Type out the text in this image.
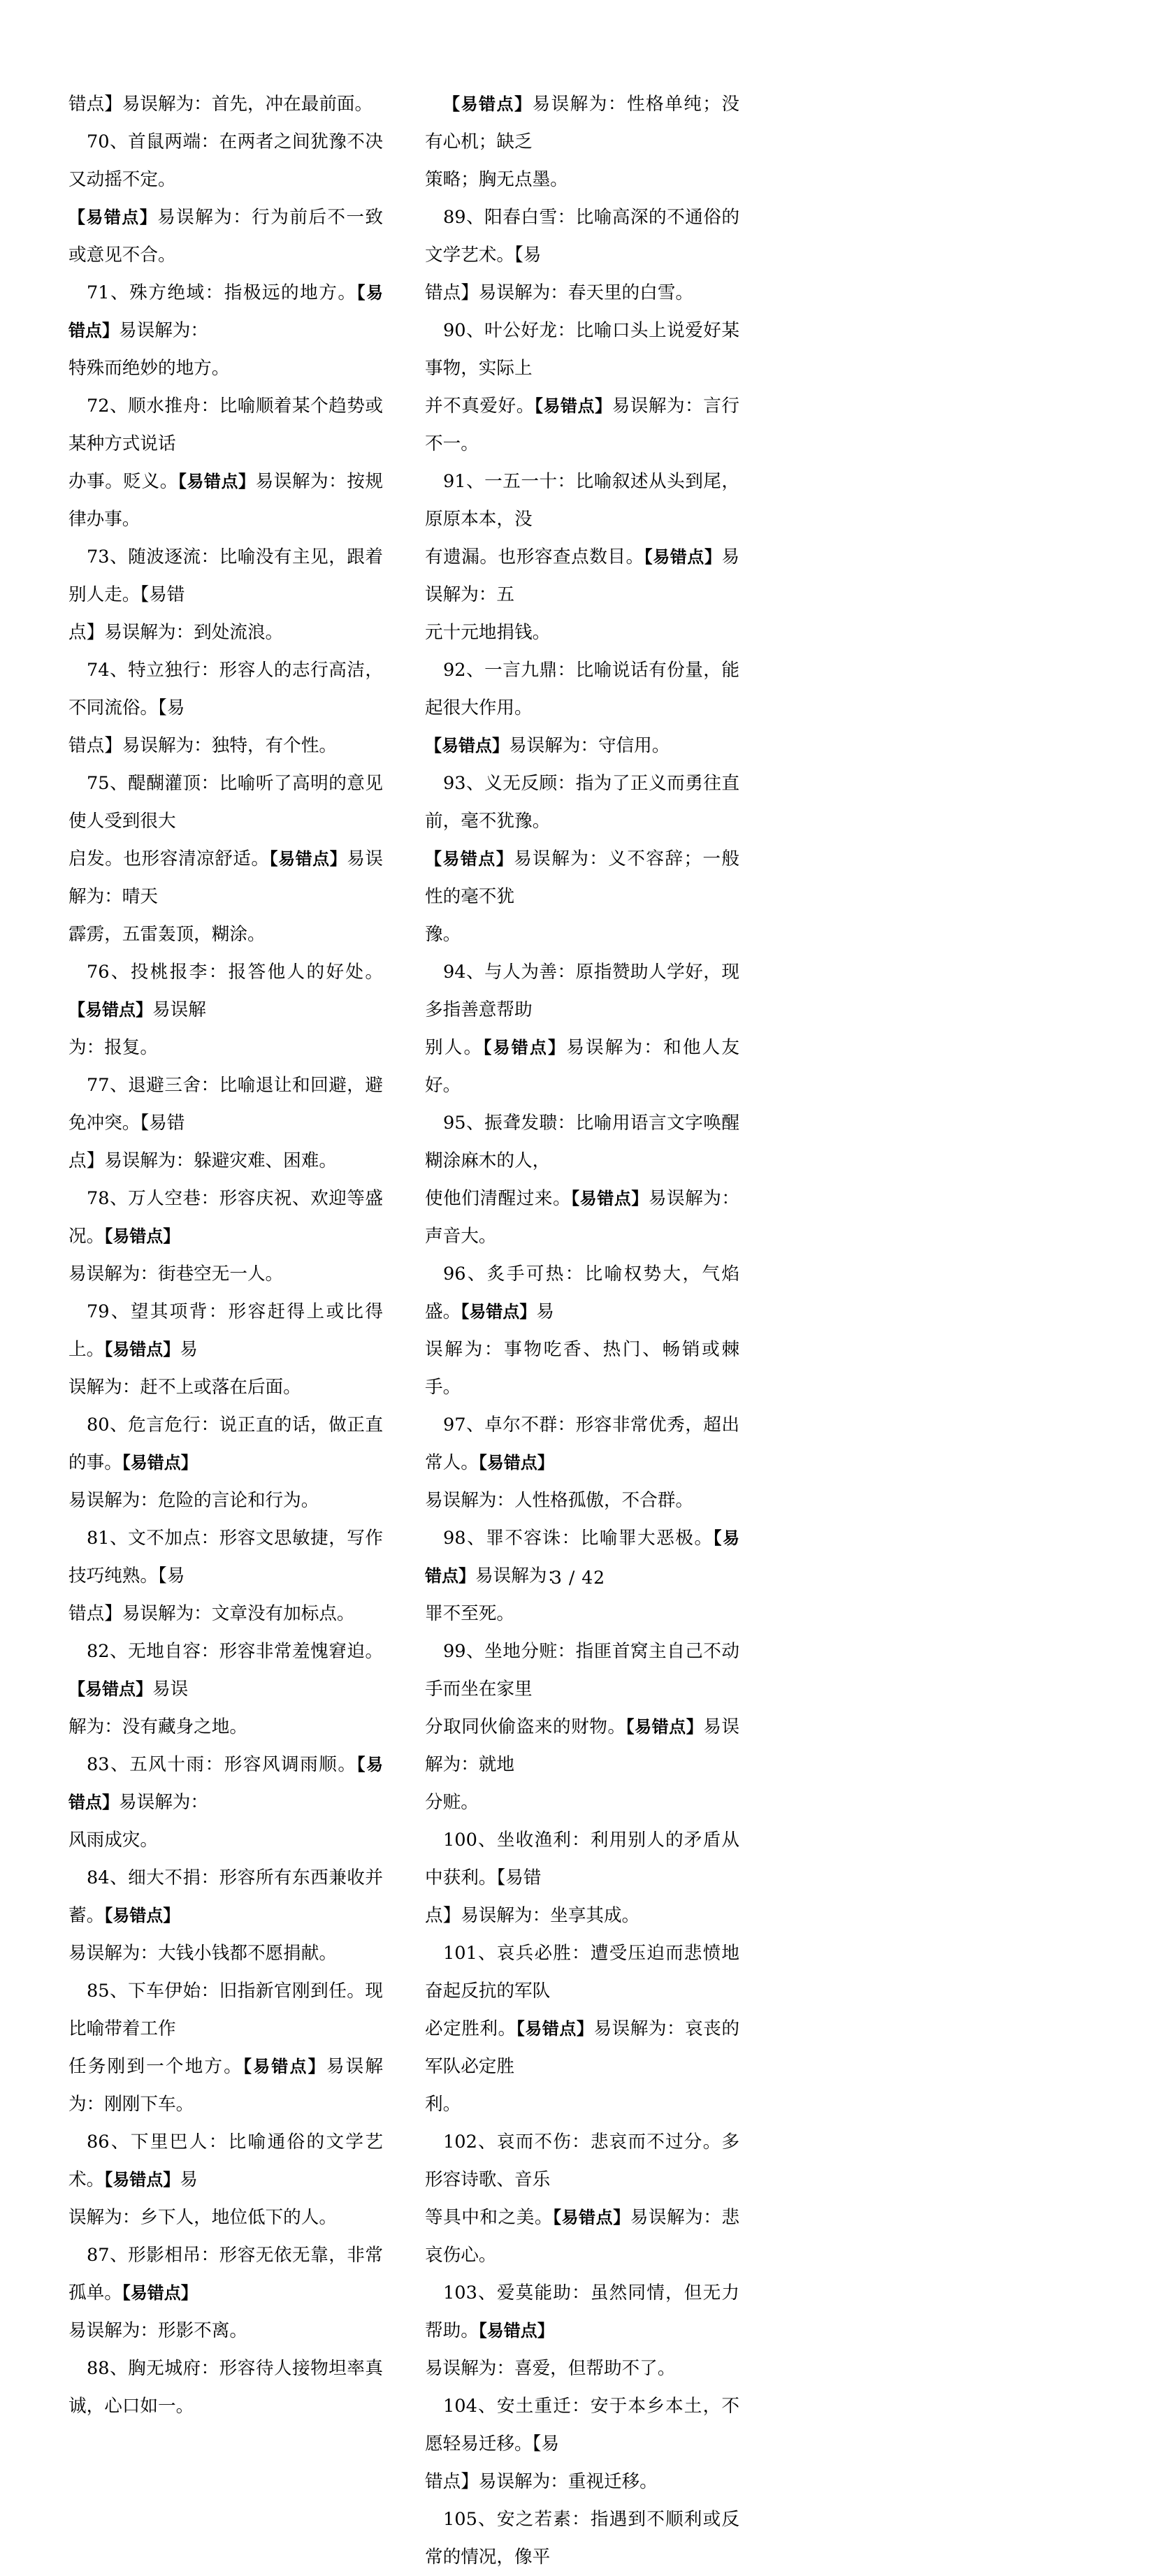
错点】易误解为：首先，冲在最前面。
70、首鼠两端：在两者之间犹豫不决又动摇不定。
【易错点】易误解为：行为前后不一致或意见不合。
71、殊方绝域：指极远的地方。【易错点】易误解为：
特殊而绝妙的地方。
72、顺水推舟：比喻顺着某个趋势或某种方式说话
办事。贬义。【易错点】易误解为：按规律办事。
73、随波逐流：比喻没有主见，跟着别人走。【易错
点】易误解为：到处流浪。
74、特立独行：形容人的志行高洁，不同流俗。【易
错点】易误解为：独特，有个性。
75、醍醐灌顶：比喻听了高明的意见使人受到很大
启发。也形容清凉舒适。【易错点】易误解为：晴天
霹雳，五雷轰顶，糊涂。
76、投桃报李：报答他人的好处。【易错点】易误解
为：报复。
77、退避三舍：比喻退让和回避，避免冲突。【易错
点】易误解为：躲避灾难、困难。
78、万人空巷：形容庆祝、欢迎等盛况。【易错点】
易误解为：街巷空无一人。
79、望其项背：形容赶得上或比得上。【易错点】易
误解为：赶不上或落在后面。
80、危言危行：说正直的话，做正直的事。【易错点】
易误解为：危险的言论和行为。
81、文不加点：形容文思敏捷，写作技巧纯熟。【易
错点】易误解为：文章没有加标点。
82、无地自容：形容非常羞愧窘迫。【易错点】易误
解为：没有藏身之地。
83、五风十雨：形容风调雨顺。【易错点】易误解为：
风雨成灾。
84、细大不捐：形容所有东西兼收并蓄。【易错点】
易误解为：大钱小钱都不愿捐献。
85、下车伊始：旧指新官刚到任。现比喻带着工作
任务刚到一个地方。【易错点】易误解为：刚刚下车。
86、下里巴人：比喻通俗的文学艺术。【易错点】易
误解为：乡下人，地位低下的人。
87、形影相吊：形容无依无靠，非常孤单。【易错点】
易误解为：形影不离。
88、胸无城府：形容待人接物坦率真诚，心口如一。
【易错点】易误解为：性格单纯；没有心机；缺乏
策略；胸无点墨。
89、阳春白雪：比喻高深的不通俗的文学艺术。【易
错点】易误解为：春天里的白雪。
90、叶公好龙：比喻口头上说爱好某事物，实际上
并不真爱好。【易错点】易误解为：言行不一。
91、一五一十：比喻叙述从头到尾，原原本本，没
有遗漏。也形容查点数目。【易错点】易误解为：五
元十元地捐钱。
92、一言九鼎：比喻说话有份量，能起很大作用。
【易错点】易误解为：守信用。
93、义无反顾：指为了正义而勇往直前，毫不犹豫。
【易错点】易误解为：义不容辞；一般性的毫不犹
豫。
94、与人为善：原指赞助人学好，现多指善意帮助
别人。【易错点】易误解为：和他人友好。
95、振聋发聩：比喻用语言文字唤醒糊涂麻木的人，
使他们清醒过来。【易错点】易误解为：声音大。
96、炙手可热：比喻权势大，气焰盛。【易错点】易
误解为：事物吃香、热门、畅销或棘手。
97、卓尔不群：形容非常优秀，超出常人。【易错点】
易误解为：人性格孤傲，不合群。
98、罪不容诛：比喻罪大恶极。【易错点】易误解为：
罪不至死。
99、坐地分赃：指匪首窝主自己不动手而坐在家里
分取同伙偷盗来的财物。【易错点】易误解为：就地
分赃。
100、坐收渔利：利用别人的矛盾从中获利。【易错
点】易误解为：坐享其成。
101、哀兵必胜：遭受压迫而悲愤地奋起反抗的军队
必定胜利。【易错点】易误解为：哀丧的军队必定胜
利。
102、哀而不伤：悲哀而不过分。多形容诗歌、音乐
等具中和之美。【易错点】易误解为：悲哀伤心。
103、爱莫能助：虽然同情，但无力帮助。【易错点】
易误解为：喜爱，但帮助不了。
104、安土重迁：安于本乡本土，不愿轻易迁移。【易
错点】易误解为：重视迁移。
105、安之若素：指遇到不顺利或反常的情况，像平
3 / 42
